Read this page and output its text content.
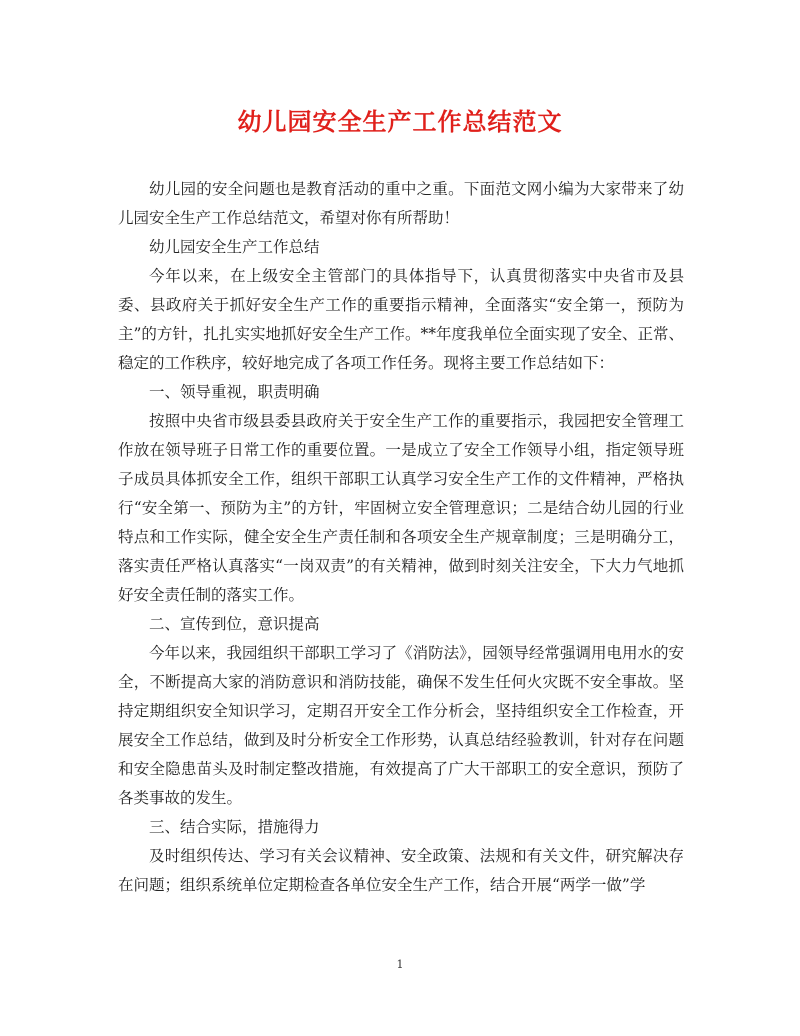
幼儿园安全生产工作总结范文

幼儿园的安全问题也是教育活动的重中之重。下面范文网小编为大家带来了幼儿园安全生产工作总结范文，希望对你有所帮助！

幼儿园安全生产工作总结

今年以来，在上级安全主管部门的具体指导下，认真贯彻落实中央省市及县委、县政府关于抓好安全生产工作的重要指示精神，全面落实“安全第一，预防为主”的方针，扎扎实实地抓好安全生产工作。**年度我单位全面实现了安全、正常、稳定的工作秩序，较好地完成了各项工作任务。现将主要工作总结如下：

一、领导重视，职责明确

按照中央省市级县委县政府关于安全生产工作的重要指示，我园把安全管理工作放在领导班子日常工作的重要位置。一是成立了安全工作领导小组，指定领导班子成员具体抓安全工作，组织干部职工认真学习安全生产工作的文件精神，严格执行“安全第一、预防为主”的方针，牢固树立安全管理意识；二是结合幼儿园的行业特点和工作实际，健全安全生产责任制和各项安全生产规章制度；三是明确分工，落实责任严格认真落实“一岗双责”的有关精神，做到时刻关注安全，下大力气地抓好安全责任制的落实工作。

二、宣传到位，意识提高

今年以来，我园组织干部职工学习了《消防法》，园领导经常强调用电用水的安全，不断提高大家的消防意识和消防技能，确保不发生任何火灾既不安全事故。坚持定期组织安全知识学习，定期召开安全工作分析会，坚持组织安全工作检查，开展安全工作总结，做到及时分析安全工作形势，认真总结经验教训，针对存在问题和安全隐患苗头及时制定整改措施，有效提高了广大干部职工的安全意识，预防了各类事故的发生。

三、结合实际，措施得力

及时组织传达、学习有关会议精神、安全政策、法规和有关文件，研究解决存在问题；组织系统单位定期检查各单位安全生产工作，结合开展“两学一做”学

1
